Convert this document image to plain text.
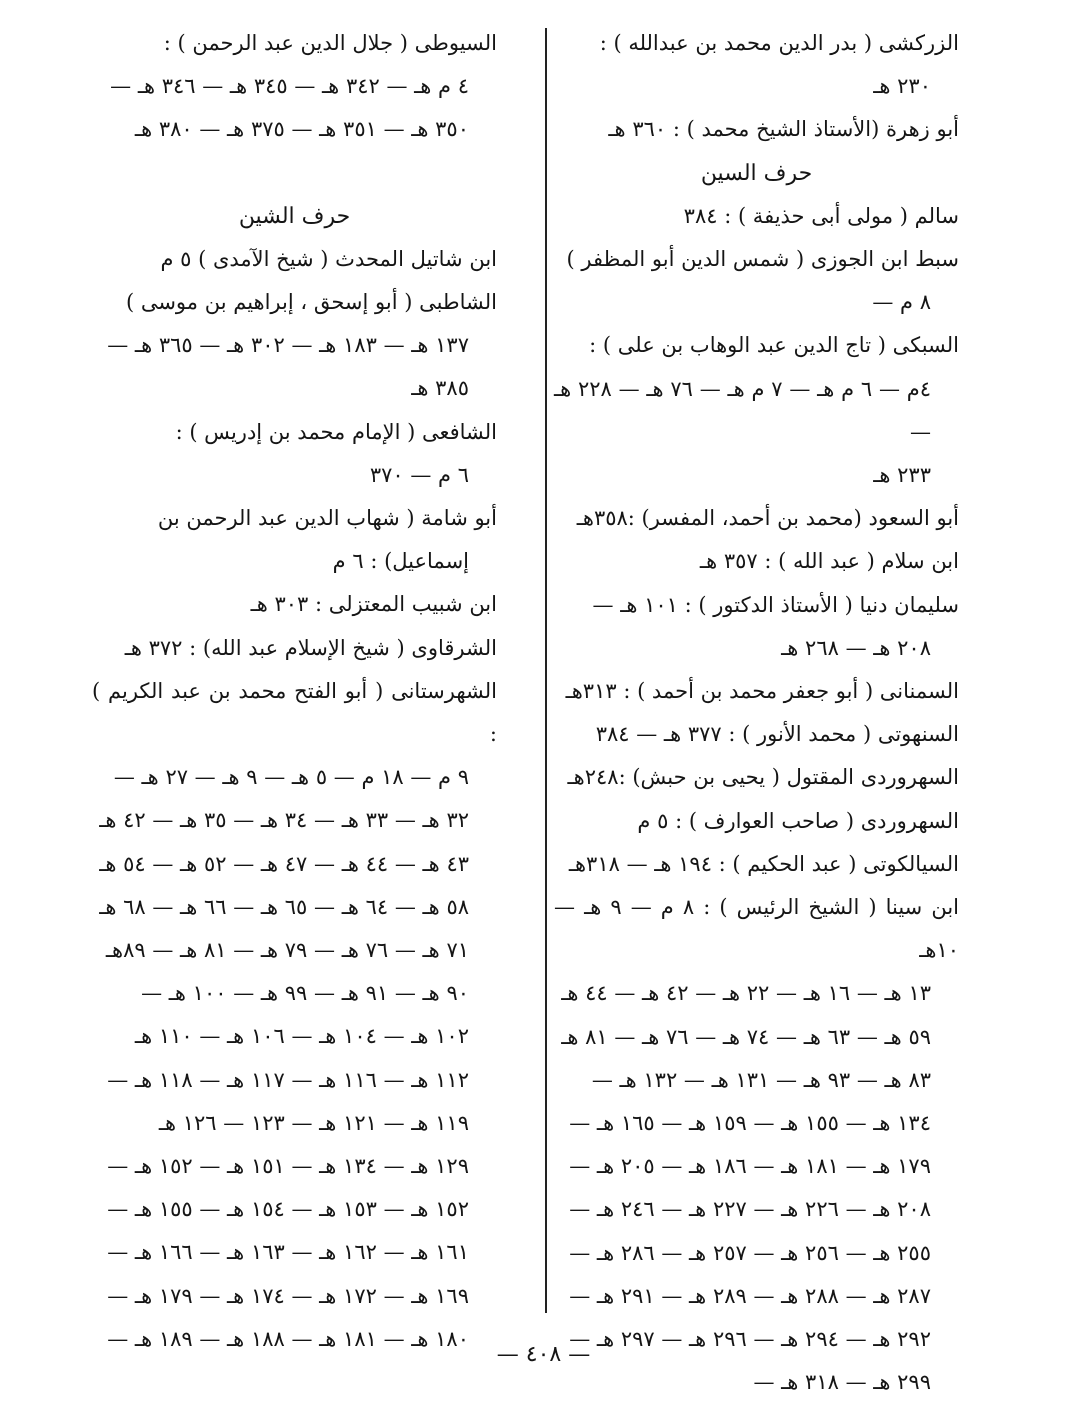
الزركشى ( بدر الدين محمد بن عبدالله ) :
٢٣٠ هـ

أبو زهرة (الأستاذ الشيخ محمد ) : ٣٦٠ هـ

حرف السين

سالم ( مولى أبى حذيفة ) : ٣٨٤

سبط ابن الجوزى ( شمس الدين أبو المظفر )
٨ م —

السبكى ( تاج الدين عبد الوهاب بن على ) :
٤م — ٦ م هـ — ٧ م هـ — ٧٦ هـ — ٢٢٨ هـ —
٢٣٣ هـ

أبو السعود (محمد بن أحمد، المفسر) :٣٥٨هـ

ابن سلام ( عبد الله ) : ٣٥٧ هـ

سليمان دنيا ( الأستاذ الدكتور ) : ١٠١ هـ —
٢٠٨ هـ — ٢٦٨ هـ

السمنانى ( أبو جعفر محمد بن أحمد ) : ٣١٣هـ

السنهوتى ( محمد الأنور ) : ٣٧٧ هـ — ٣٨٤

السهروردى المقتول ( يحيى بن حبش) :٢٤٨هـ

السهروردى ( صاحب العوارف ) : ٥ م

السيالكوتى ( عبد الحكيم ) : ١٩٤ هـ — ٣١٨هـ

ابن سينا ( الشيخ الرئيس ) : ٨ م — ٩ هـ — ١٠هـ
١٣ هـ — ١٦ هـ — ٢٢ هـ — ٤٢ هـ — ٤٤ هـ
٥٩ هـ — ٦٣ هـ — ٧٤ هـ — ٧٦ هـ — ٨١ هـ
٨٣ هـ — ٩٣ هـ — ١٣١ هـ — ١٣٢ هـ —
١٣٤ هـ — ١٥٥ هـ — ١٥٩ هـ — ١٦٥ هـ —
١٧٩ هـ — ١٨١ هـ — ١٨٦ هـ — ٢٠٥ هـ —
٢٠٨ هـ — ٢٢٦ هـ — ٢٢٧ هـ — ٢٤٦ هـ —
٢٥٥ هـ — ٢٥٦ هـ — ٢٥٧ هـ — ٢٨٦ هـ —
٢٨٧ هـ — ٢٨٨ هـ — ٢٨٩ هـ — ٢٩١ هـ —
٢٩٢ هـ — ٢٩٤ هـ — ٢٩٦ هـ — ٢٩٧ هـ —
٢٩٩ هـ — ٣١٨ هـ —

السيوطى ( جلال الدين عبد الرحمن ) :
٤ م هـ — ٣٤٢ هـ — ٣٤٥ هـ — ٣٤٦ هـ —
٣٥٠ هـ — ٣٥١ هـ — ٣٧٥ هـ — ٣٨٠ هـ

حرف الشين

ابن شاتيل المحدث ( شيخ الآمدى ) ٥ م

الشاطبى ( أبو إسحق ، إبراهيم بن موسى )
١٣٧ هـ — ١٨٣ هـ — ٣٠٢ هـ — ٣٦٥ هـ —
٣٨٥ هـ

الشافعى ( الإمام محمد بن إدريس ) :
٦ م — ٣٧٠

أبو شامة ( شهاب الدين عبد الرحمن بن
إسماعيل) : ٦ م

ابن شبيب المعتزلى : ٣٠٣ هـ

الشرقاوى ( شيخ الإسلام عبد الله) : ٣٧٢ هـ

الشهرستانى ( أبو الفتح محمد بن عبد الكريم ) :
٩ م — ١٨ م — ٥ هـ — ٩ هـ — ٢٧ هـ —
٣٢ هـ — ٣٣ هـ — ٣٤ هـ — ٣٥ هـ — ٤٢ هـ
٤٣ هـ — ٤٤ هـ — ٤٧ هـ — ٥٢ هـ — ٥٤ هـ
٥٨ هـ — ٦٤ هـ — ٦٥ هـ — ٦٦ هـ — ٦٨ هـ
٧١ هـ — ٧٦ هـ — ٧٩ هـ — ٨١ هـ — ٨٩هـ
٩٠ هـ — ٩١ هـ — ٩٩ هـ — ١٠٠ هـ —
١٠٢ هـ — ١٠٤ هـ — ١٠٦ هـ — ١١٠ هـ
١١٢ هـ — ١١٦ هـ — ١١٧ هـ — ١١٨ هـ —
١١٩ هـ — ١٢١ هـ — ١٢٣ — ١٢٦ هـ
١٢٩ هـ — ١٣٤ هـ — ١٥١ هـ — ١٥٢ هـ —
١٥٢ هـ — ١٥٣ هـ — ١٥٤ هـ — ١٥٥ هـ —
١٦١ هـ — ١٦٢ هـ — ١٦٣ هـ — ١٦٦ هـ —
١٦٩ هـ — ١٧٢ هـ — ١٧٤ هـ — ١٧٩ هـ —
١٨٠ هـ — ١٨١ هـ — ١٨٨ هـ — ١٨٩ هـ —

— ٤٠٨ —
